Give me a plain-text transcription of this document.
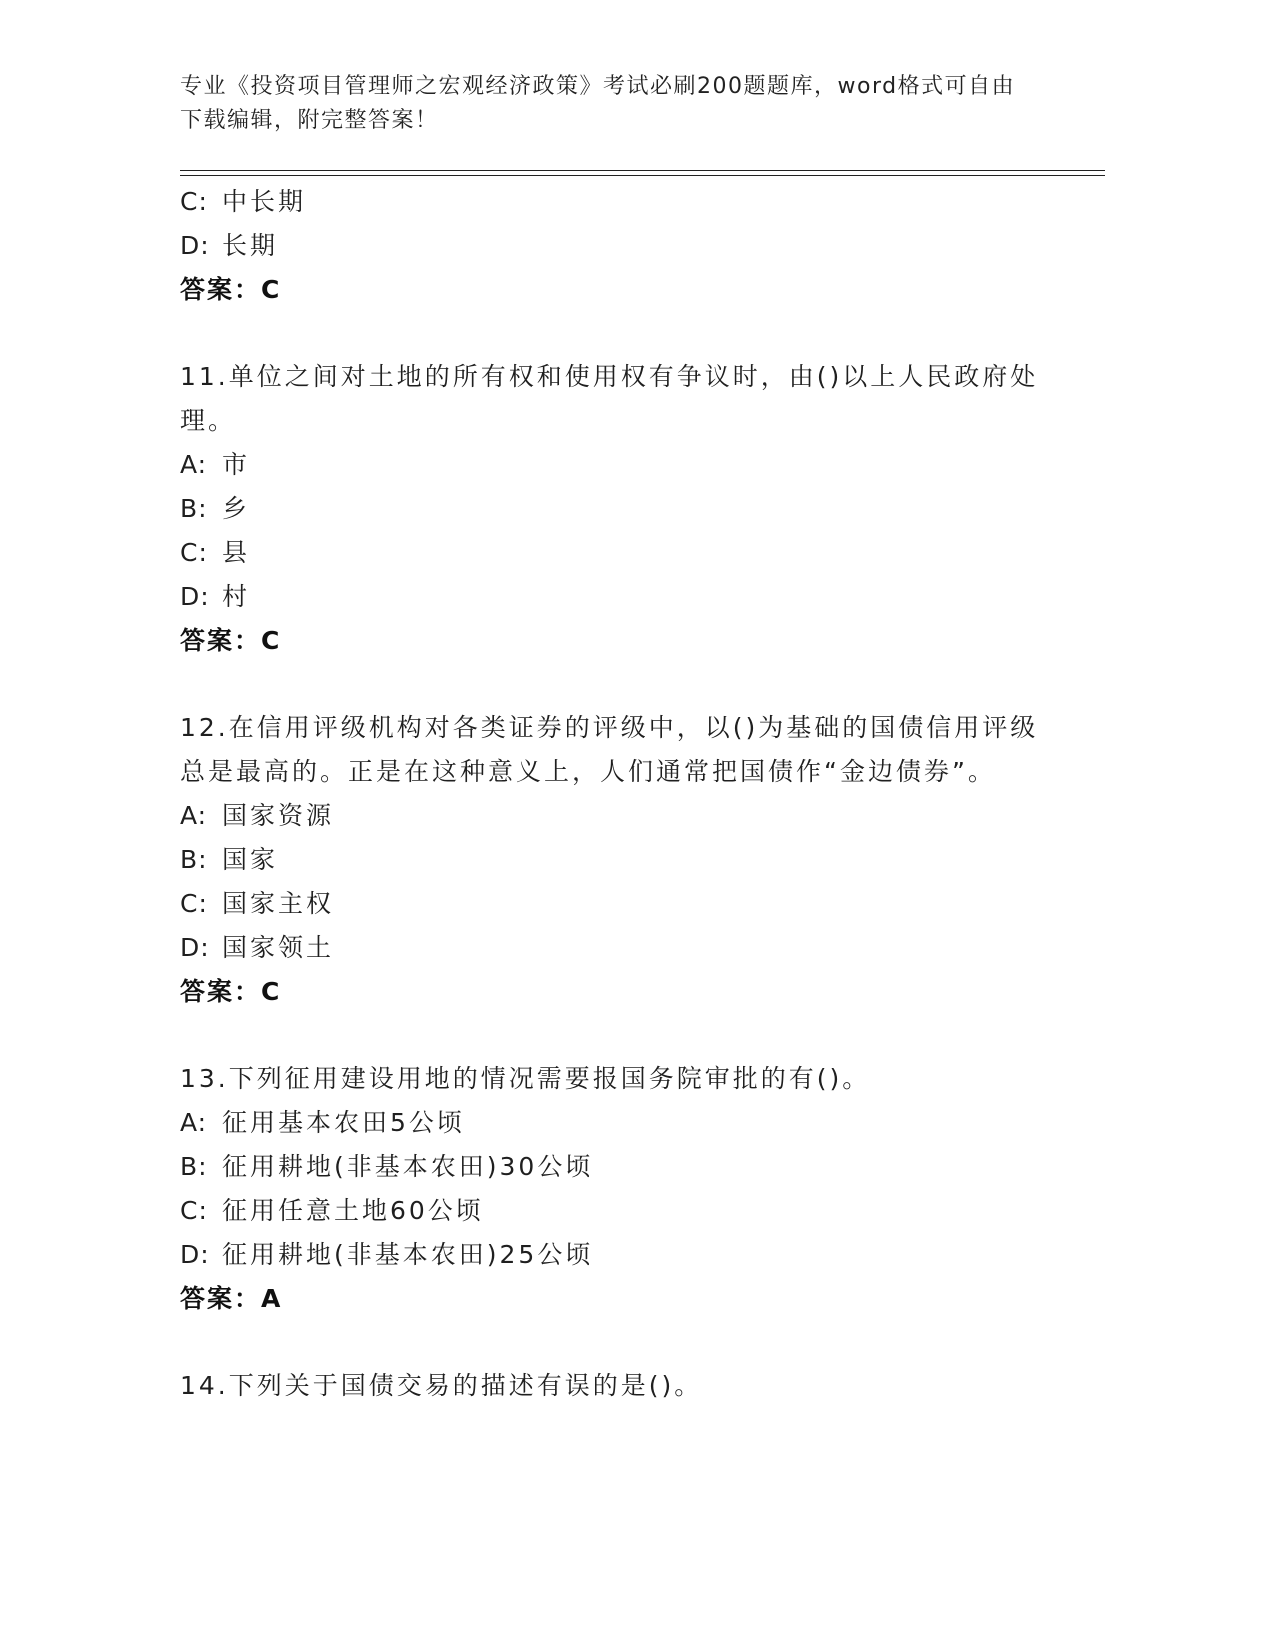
专业《投资项目管理师之宏观经济政策》考试必刷200题题库，word格式可自由
下载编辑，附完整答案！
C: 中长期
D: 长期
答案：C
11.单位之间对土地的所有权和使用权有争议时，由()以上人民政府处
理。
A: 市
B: 乡
C: 县
D: 村
答案：C
12.在信用评级机构对各类证券的评级中，以()为基础的国债信用评级
总是最高的。正是在这种意义上，人们通常把国债作“金边债券”。
A: 国家资源
B: 国家
C: 国家主权
D: 国家领土
答案：C
13.下列征用建设用地的情况需要报国务院审批的有()。
A: 征用基本农田5公顷
B: 征用耕地(非基本农田)30公顷
C: 征用任意土地60公顷
D: 征用耕地(非基本农田)25公顷
答案：A
14.下列关于国债交易的描述有误的是()。
